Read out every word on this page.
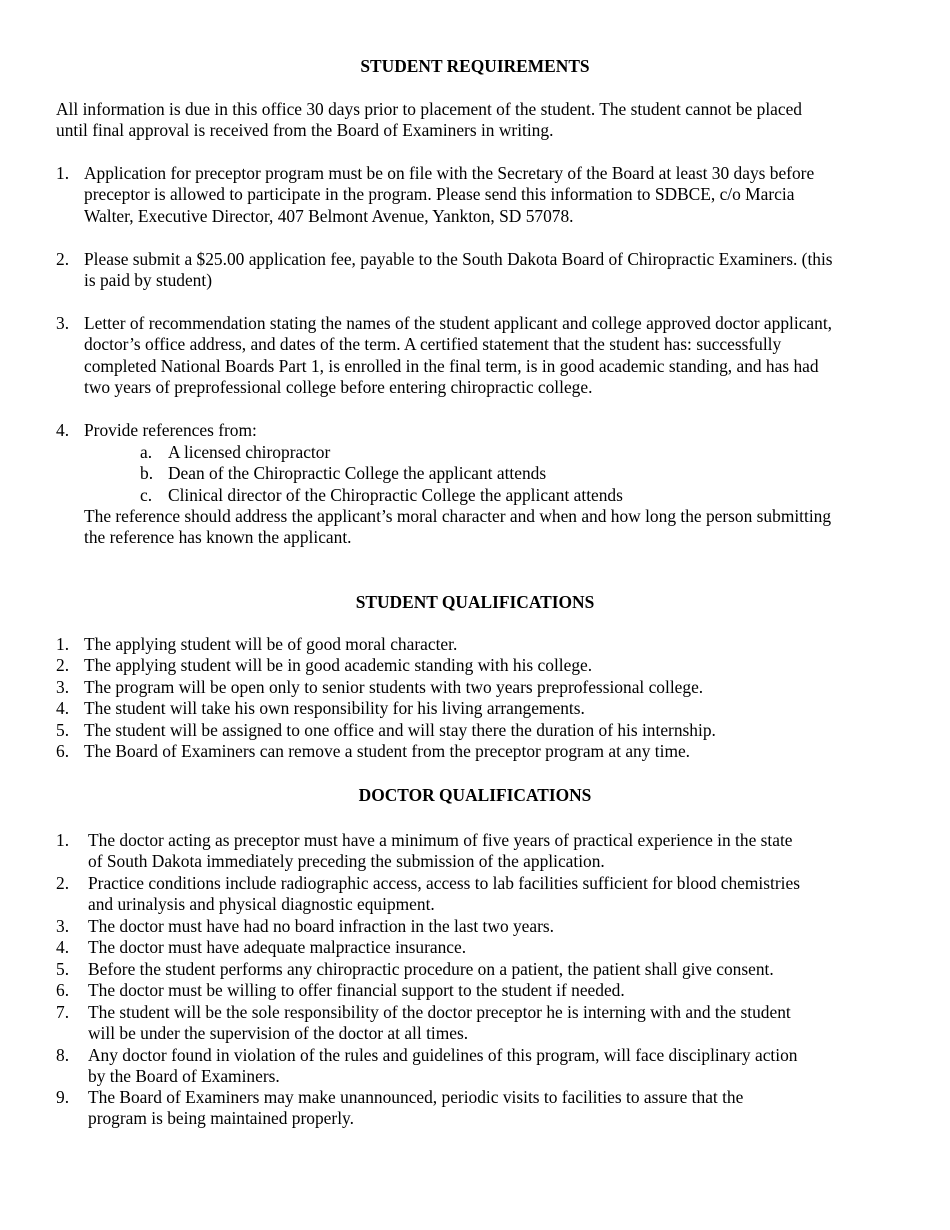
STUDENT REQUIREMENTS
All information is due in this office 30 days prior to placement of the student. The student cannot be placed
until final approval is received from the Board of Examiners in writing.
1. Application for preceptor program must be on file with the Secretary of the Board at least 30 days before
preceptor is allowed to participate in the program. Please send this information to SDBCE, c/o Marcia
Walter, Executive Director, 407 Belmont Avenue, Yankton, SD 57078.
2. Please submit a $25.00 application fee, payable to the South Dakota Board of Chiropractic Examiners. (this
is paid by student)
3. Letter of recommendation stating the names of the student applicant and college approved doctor applicant,
doctor’s office address, and dates of the term. A certified statement that the student has: successfully
completed National Boards Part 1, is enrolled in the final term, is in good academic standing, and has had
two years of preprofessional college before entering chiropractic college.
4. Provide references from:
a. A licensed chiropractor
b. Dean of the Chiropractic College the applicant attends
c. Clinical director of the Chiropractic College the applicant attends
The reference should address the applicant’s moral character and when and how long the person submitting
the reference has known the applicant.
STUDENT QUALIFICATIONS
1. The applying student will be of good moral character.
2. The applying student will be in good academic standing with his college.
3. The program will be open only to senior students with two years preprofessional college.
4. The student will take his own responsibility for his living arrangements.
5. The student will be assigned to one office and will stay there the duration of his internship.
6. The Board of Examiners can remove a student from the preceptor program at any time.
DOCTOR QUALIFICATIONS
1. The doctor acting as preceptor must have a minimum of five years of practical experience in the state
of South Dakota immediately preceding the submission of the application.
2. Practice conditions include radiographic access, access to lab facilities sufficient for blood chemistries
and urinalysis and physical diagnostic equipment.
3. The doctor must have had no board infraction in the last two years.
4. The doctor must have adequate malpractice insurance.
5. Before the student performs any chiropractic procedure on a patient, the patient shall give consent.
6. The doctor must be willing to offer financial support to the student if needed.
7. The student will be the sole responsibility of the doctor preceptor he is interning with and the student
will be under the supervision of the doctor at all times.
8. Any doctor found in violation of the rules and guidelines of this program, will face disciplinary action
by the Board of Examiners.
9. The Board of Examiners may make unannounced, periodic visits to facilities to assure that the
program is being maintained properly.
